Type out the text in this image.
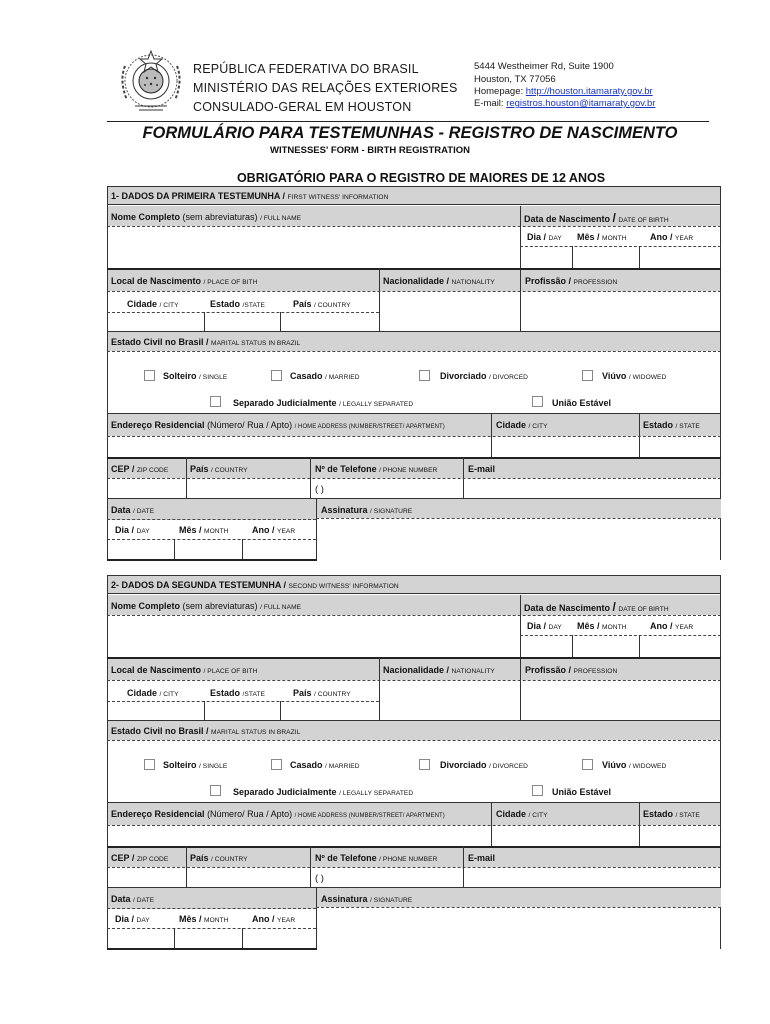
REPÚBLICA FEDERATIVA DO BRASIL
MINISTÉRIO DAS RELAÇÕES EXTERIORES
CONSULADO-GERAL EM HOUSTON
5444 Westheimer Rd, Suite 1900
Houston, TX 77056
Homepage: http://houston.itamaraty.gov.br
E-mail: registros.houston@itamaraty.gov.br
FORMULÁRIO PARA TESTEMUNHAS - REGISTRO DE NASCIMENTO
WITNESSES' FORM - BIRTH REGISTRATION
OBRIGATÓRIO PARA O REGISTRO DE MAIORES DE 12 ANOS
1- DADOS DA PRIMEIRA TESTEMUNHA / FIRST WITNESS' INFORMATION
Nome Completo (sem abreviaturas) / FULL NAME	Data de Nascimento / DATE OF BIRTH
Dia / DAY Mês / MONTH	Ano / YEAR
Local de Nascimento / PLACE OF BITH	Nacionalidade / NATIONALITY	Profissão / PROFESSION
Cidade / CITY	Estado /STATE	País / COUNTRY
Estado Civil no Brasil / MARITAL STATUS IN BRAZIL
Solteiro / SINGLE	Casado / MARRIED	Divorciado / DIVORCED	Viúvo / WIDOWED
Separado Judicialmente / LEGALLY SEPARATED	União Estável
Endereço Residencial (Número/ Rua / Apto) / HOME ADDRESS (NUMBER/STREET/ APARTMENT)	Cidade / CITY	Estado / STATE
CEP / ZIP CODE País / COUNTRY	Nº de Telefone / PHONE NUMBER	E-mail
( )
Data / DATE	Assinatura / SIGNATURE
Dia / DAY	Mês / MONTH	Ano / YEAR
2- DADOS DA SEGUNDA TESTEMUNHA / SECOND WITNESS' INFORMATION
Nome Completo (sem abreviaturas) / FULL NAME	Data de Nascimento / DATE OF BIRTH
Dia / DAY Mês / MONTH	Ano / YEAR
Local de Nascimento / PLACE OF BITH	Nacionalidade / NATIONALITY	Profissão / PROFESSION
Cidade / CITY	Estado /STATE	País / COUNTRY
Estado Civil no Brasil / MARITAL STATUS IN BRAZIL
Solteiro / SINGLE	Casado / MARRIED	Divorciado / DIVORCED	Viúvo / WIDOWED
Separado Judicialmente / LEGALLY SEPARATED	União Estável
Endereço Residencial (Número/ Rua / Apto) / HOME ADDRESS (NUMBER/STREET/ APARTMENT)	Cidade / CITY	Estado / STATE
CEP / ZIP CODE País / COUNTRY	Nº de Telefone / PHONE NUMBER	E-mail
( )
Data / DATE	Assinatura / SIGNATURE
Dia / DAY	Mês / MONTH	Ano / YEAR
